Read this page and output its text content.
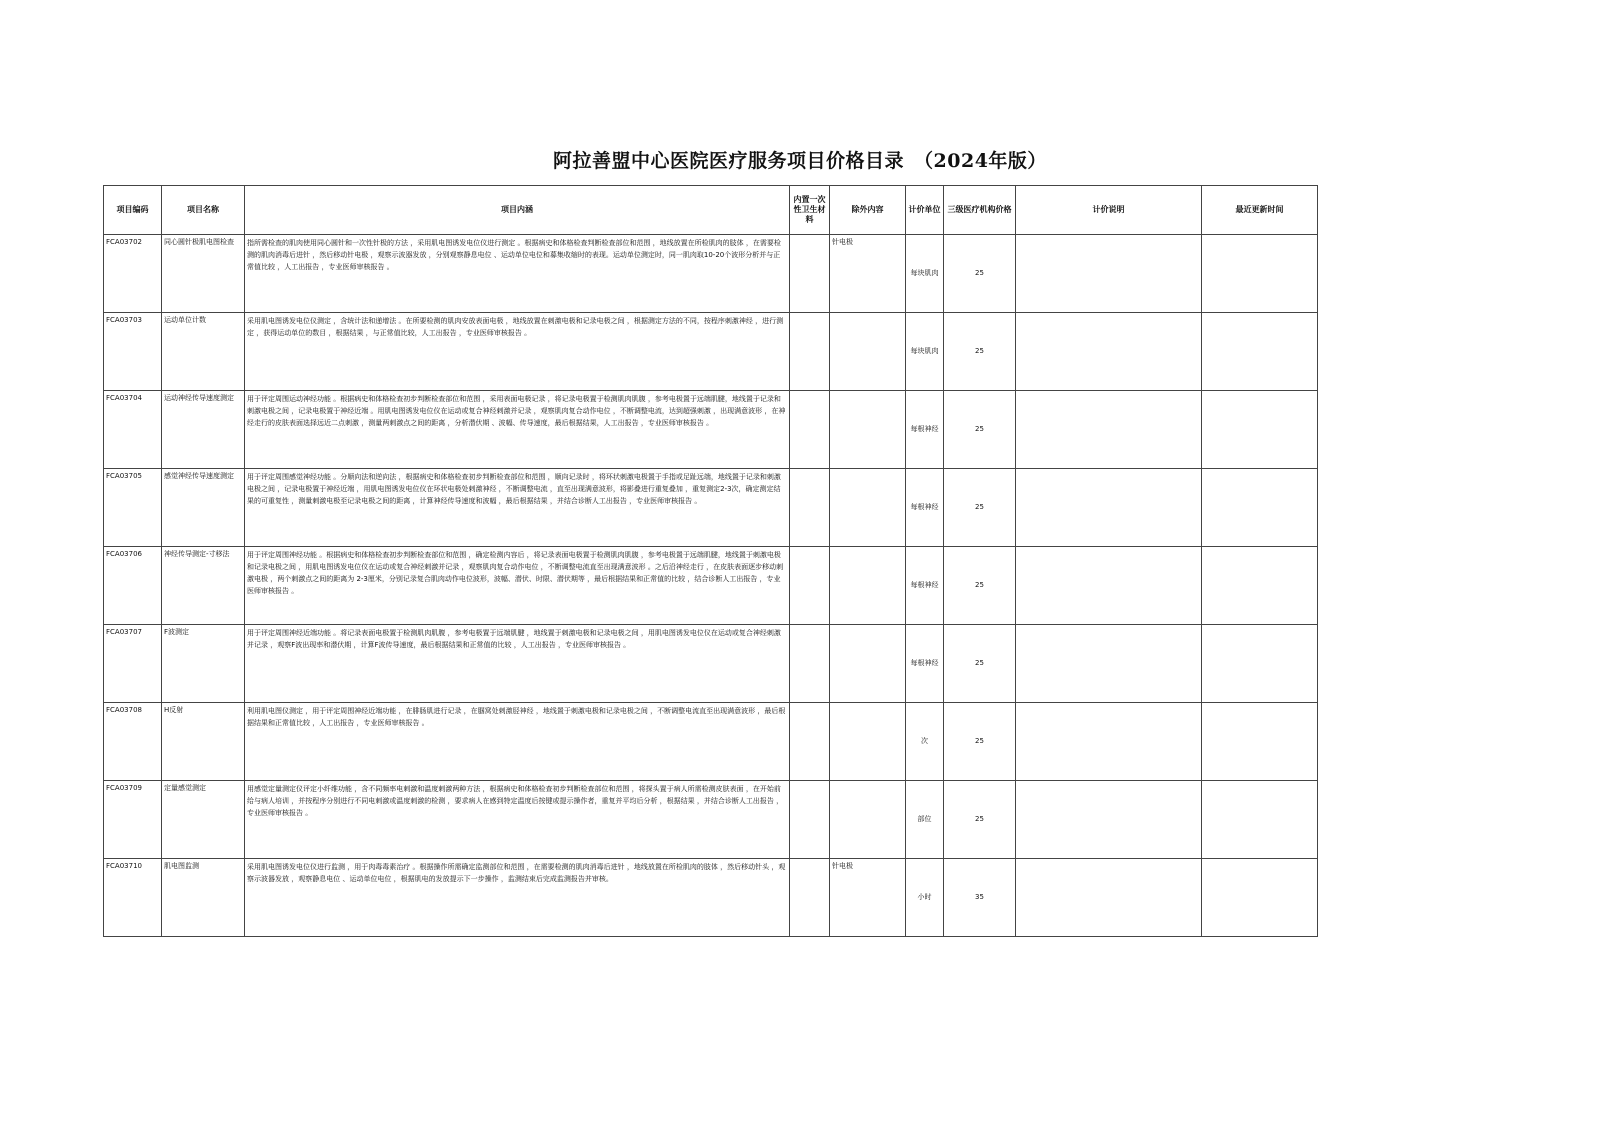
阿拉善盟中心医院医疗服务项目价格目录　（2024年版）
项目编码	项目名称	项目内涵	内置一次性卫生材料	除外内容	计价单位	三级医疗机构价格	计价说明	最近更新时间
FCA03702	同心圆针极肌电图检查	指所需检查的肌肉使用同心圆针和一次性针极的方法 ，采用肌电图诱发电位仪进行测定 。根据病史和体格检查判断检查部位和范围 ，地线放置在所检肌肉的肢体 ，在需要检测的肌肉消毒后进针 ，然后移动针电极 ，观察示波器发放 ，分别观察静息电位 、运动单位电位和募集收缩时的表现。运动单位测定时，同一肌肉取10-20个波形分析并与正常值比较 ，人工出报告 ，专业医师审核报告 。		针电极	每块肌肉	25		
FCA03703	运动单位计数	采用肌电图诱发电位仪测定 ，含统计法和递增法 。在所要检测的肌肉安放表面电极 ，地线放置在刺激电极和记录电极之间 ，根据测定方法的不同，按程序刺激神经 ，进行测定 ，获得运动单位的数目 ，根据结果 ，与正常值比较，人工出报告 ，专业医师审核报告 。			每块肌肉	25		
FCA03704	运动神经传导速度测定	用于评定周围运动神经功能 。根据病史和体格检查初步判断检查部位和范围 ，采用表面电极记录 ，将记录电极置于检测肌肉肌腹 ，参考电极置于远端肌腱，地线置于记录和刺激电极之间 ，记录电极置于神经近端 。用肌电图诱发电位仪在运动或复合神经刺激并记录 ，观察肌肉复合动作电位 ，不断调整电流，达到超强刺激 ，出现满意波形 ，在神经走行的皮肤表面选择远近二点刺激 ，测量两刺激点之间的距离 ，分析潜伏期 、波幅、传导速度，最后根据结果，人工出报告 ，专业医师审核报告 。			每根神经	25		
FCA03705	感觉神经传导速度测定	用于评定周围感觉神经功能 。分顺向法和逆向法 ，根据病史和体格检查初步判断检查部位和范围 ，顺向记录时 ，将环状刺激电极置于手指或足趾远端，地线置于记录和刺激电极之间 ，记录电极置于神经近端 ，用肌电图诱发电位仪在环状电极处刺激神经 ，不断调整电流 ，直至出现满意波形，将影叠进行重复叠加 ，重复测定2-3次，确定测定结果的可重复性 ，测量刺激电极至记录电极之间的距离 ，计算神经传导速度和波幅 ，最后根据结果 ，并结合诊断人工出报告 ，专业医师审核报告 。			每根神经	25		
FCA03706	神经传导测定-寸移法	用于评定周围神经功能 。根据病史和体格检查初步判断检查部位和范围 ，确定检测内容后 ，将记录表面电极置于检测肌肉肌腹 ，参考电极置于远端肌腱，地线置于刺激电极和记录电极之间 ，用肌电图诱发电位仪在运动或复合神经刺激并记录 ，观察肌肉复合动作电位 ，不断调整电流直至出现满意波形 。之后沿神经走行 ，在皮肤表面逐步移动刺激电极 ，两个刺激点之间的距离为 2-3厘米，分别记录复合肌肉动作电位波形，波幅、潜伏、时限、潜伏期等 ，最后根据结果和正常值的比较 ，结合诊断人工出报告 ，专业医师审核报告 。			每根神经	25		
FCA03707	F波测定	用于评定周围神经近端功能 。将记录表面电极置于检测肌肉肌腹 ，参考电极置于远端肌腱 ，地线置于刺激电极和记录电极之间 ，用肌电图诱发电位仪在运动或复合神经刺激并记录 ，观察F波出现率和潜伏期 ，计算F波传导速度，最后根据结果和正常值的比较 ，人工出报告 ，专业医师审核报告 。			每根神经	25		
FCA03708	H反射	利用肌电图仪测定 ，用于评定周围神经近端功能 ，在腓肠肌进行记录 ，在腘窝处刺激胫神经 ，地线置于刺激电极和记录电极之间 ，不断调整电流直至出现满意波形 ，最后根据结果和正常值比较 ，人工出报告 ，专业医师审核报告 。			次	25		
FCA03709	定量感觉测定	用感觉定量测定仪评定小纤维功能 ，含不同频率电刺激和温度刺激两种方法 ，根据病史和体格检查初步判断检查部位和范围 ，将探头置于病人所需检测皮肤表面 ，在开始前给与病人培训 ，并按程序分别进行不同电刺激或温度刺激的检测 ，要求病人在感到特定温度后按键或提示操作者，重复并平均后分析 ，根据结果 ，并结合诊断人工出报告 ，专业医师审核报告 。			部位	25		
FCA03710	肌电图监测	采用肌电图诱发电位仪进行监测 ，用于肉毒毒素治疗 。根据操作所需确定监测部位和范围 ，在需要检测的肌肉消毒后进针 ，地线放置在所检肌肉的肢体 ，然后移动针头 ，观察示波器发放 ，观察静息电位 、运动单位电位 ，根据肌电的发放提示下一步操作 ，监测结束后完成监测报告并审核。		针电极	小时	35		
